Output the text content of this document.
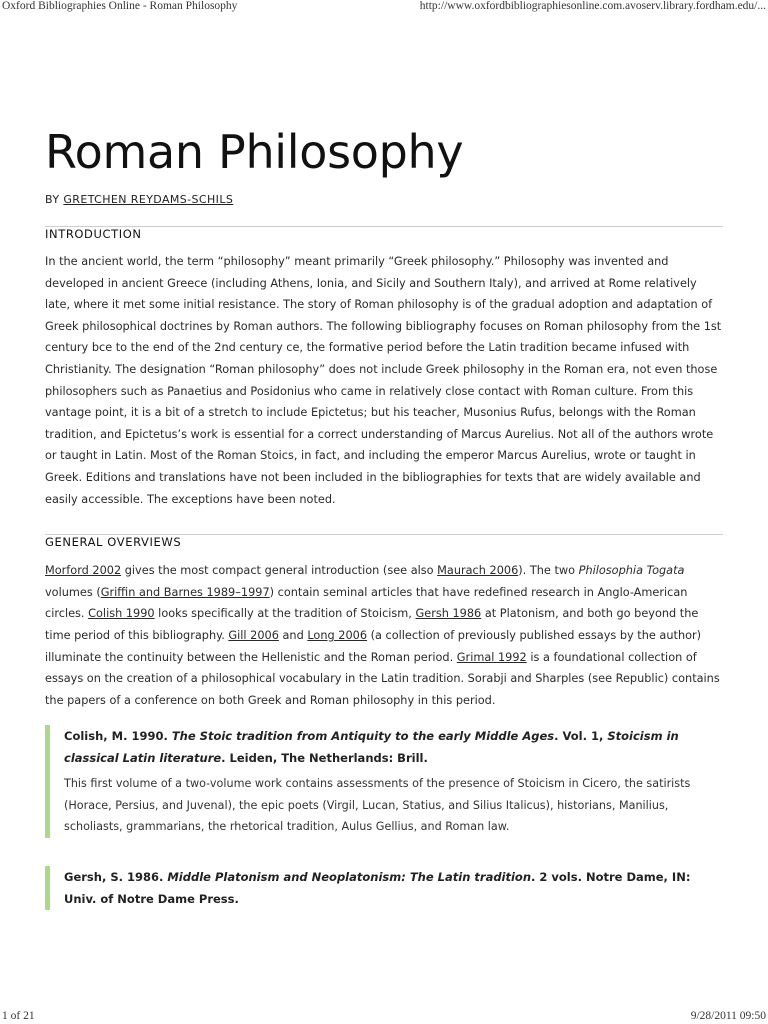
Oxford Bibliographies Online - Roman Philosophy	http://www.oxfordbibliographiesonline.com.avoserv.library.fordham.edu/...
Roman Philosophy
BY GRETCHEN REYDAMS-SCHILS
INTRODUCTION

In the ancient world, the term “philosophy” meant primarily “Greek philosophy.” Philosophy was invented and developed in ancient Greece (including Athens, Ionia, and Sicily and Southern Italy), and arrived at Rome relatively late, where it met some initial resistance. The story of Roman philosophy is of the gradual adoption and adaptation of Greek philosophical doctrines by Roman authors. The following bibliography focuses on Roman philosophy from the 1st century bce to the end of the 2nd century ce, the formative period before the Latin tradition became infused with Christianity. The designation “Roman philosophy” does not include Greek philosophy in the Roman era, not even those philosophers such as Panaetius and Posidonius who came in relatively close contact with Roman culture. From this vantage point, it is a bit of a stretch to include Epictetus; but his teacher, Musonius Rufus, belongs with the Roman tradition, and Epictetus’s work is essential for a correct understanding of Marcus Aurelius. Not all of the authors wrote or taught in Latin. Most of the Roman Stoics, in fact, and including the emperor Marcus Aurelius, wrote or taught in Greek. Editions and translations have not been included in the bibliographies for texts that are widely available and easily accessible. The exceptions have been noted.

GENERAL OVERVIEWS

Morford 2002 gives the most compact general introduction (see also Maurach 2006). The two Philosophia Togata volumes (Griffin and Barnes 1989–1997) contain seminal articles that have redefined research in Anglo-American circles. Colish 1990 looks specifically at the tradition of Stoicism, Gersh 1986 at Platonism, and both go beyond the time period of this bibliography. Gill 2006 and Long 2006 (a collection of previously published essays by the author) illuminate the continuity between the Hellenistic and the Roman period. Grimal 1992 is a foundational collection of essays on the creation of a philosophical vocabulary in the Latin tradition. Sorabji and Sharples (see Republic) contains the papers of a conference on both Greek and Roman philosophy in this period.

Colish, M. 1990. The Stoic tradition from Antiquity to the early Middle Ages. Vol. 1, Stoicism in classical Latin literature. Leiden, The Netherlands: Brill.
This first volume of a two-volume work contains assessments of the presence of Stoicism in Cicero, the satirists (Horace, Persius, and Juvenal), the epic poets (Virgil, Lucan, Statius, and Silius Italicus), historians, Manilius, scholiasts, grammarians, the rhetorical tradition, Aulus Gellius, and Roman law.
Gersh, S. 1986. Middle Platonism and Neoplatonism: The Latin tradition. 2 vols. Notre Dame, IN: Univ. of Notre Dame Press.
1 of 21	9/28/2011 09:50
